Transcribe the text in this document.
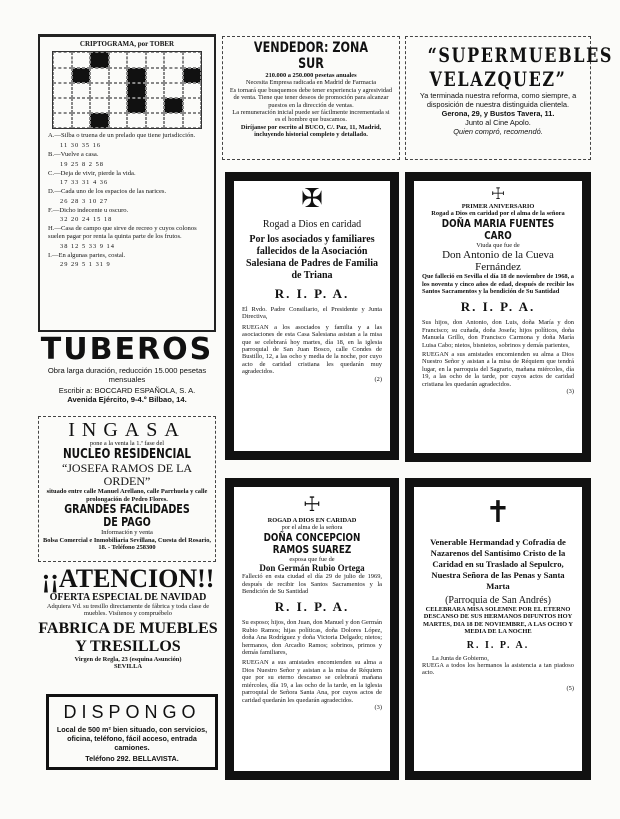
CRIPTOGRAMA, por TOBER
A.—Silba o truena de un prelado que tiene jurisdicción.
11 30 35 16
B.—Vuelve a casa.
19 25 8 2 58
C.—Deja de vivir, pierde la vida.
17 33 31 4 36
D.—Cada uno de los espacios de las narices.
26 28 3 10 27
F.—Dicho indecente u oscuro.
32 20 24 15 18
H.—Casa de campo que sirve de recreo y cuyos colonos suelen pagar por renta la quinta parte de los frutos.
38 12 5 33 9 14
I.—En algunas partes, costal.
29 29 5 1 31 9
TUBEROS
Obra larga duración, reducción 15.000 pesetas mensuales
Escribir a: BOCCARD ESPAÑOLA, S. A.
Avenida Ejército, 9-4.º Bilbao, 14.
INGASA
pone a la venta la 1.ª fase del
NUCLEO RESIDENCIAL
“JOSEFA RAMOS DE LA ORDEN”
situado entre calle Manuel Arellano, calle Parrhuela y calle prolongación de Pedro Flores.
GRANDES FACILIDADES DE PAGO
Información y venta
Bolsa Comercial e Inmobiliaria Sevillana, Cuesta del Rosario, 18. - Teléfono 258300
¡¡ATENCION!!
OFERTA ESPECIAL DE NAVIDAD
Adquiera Vd. su tresillo directamente de fábrica y toda clase de muebles. Visítenos y compruébelo
FABRICA DE MUEBLES
Y TRESILLOS
Virgen de Regla, 23 (esquina Asunción)
SEVILLA
DISPONGO
Local de 500 m² bien situado, con servicios, oficina, teléfono, fácil acceso, entrada camiones.
Teléfono 292. BELLAVISTA.
VENDEDOR: ZONA SUR
210.000 a 250.000 pesetas anuales
Necesita Empresa radicada en Madrid de Farmacia
Es tornará que busquemos debe tener experiencia y agresividad de venta. Tiene que tener deseos de promoción para alcanzar puestos en la dirección de ventas.
La remuneración inicial puede ser fácilmente incrementada si es el hombre que buscamos.
Diríjanse por escrito al BUCO, C/. Paz, 11, Madrid, incluyendo historial completo y detallado.
✠
Rogad a Dios en caridad
Por los asociados y familiares fallecidos de la Asociación Salesiana de Padres de Familia de Triana
R. I. P. A.
El Rvdo. Padre Consiliario, el Presidente y Junta Directiva,
RUEGAN a los asociados y familia y a las asociaciones de esta Casa Salesiana asistan a la misa que se celebrará hoy martes, día 18, en la iglesia parroquial de San Juan Bosco, calle Condes de Bustillo, 12, a las ocho y media de la noche, por cuyo acto de caridad cristiana les quedarán muy agradecidos.
(2)
☩
ROGAD A DIOS EN CARIDAD
por el alma de la señora
DOÑA CONCEPCION RAMOS SUAREZ
esposa que fue de
Don Germán Rubio Ortega
Falleció en esta ciudad el día 29 de julio de 1969, después de recibir los Santos Sacramentos y la Bendición de Su Santidad
R. I. P. A.
Su esposo; hijos, don Juan, don Manuel y don Germán Rubio Ramos; hijas políticas, doña Dolores López, doña Ana Rodríguez y doña Victoria Delgado; nietos; hermanos, don Arcadio Ramos; sobrinos, primos y demás familiares,
RUEGAN a sus amistades encomienden su alma a Dios Nuestro Señor y asistan a la misa de Réquiem que por su eterno descanso se celebrará mañana miércoles, día 19, a las ocho de la tarde, en la iglesia parroquial de Señora Santa Ana, por cuyos actos de caridad quedarán les quedarán agradecidos.
(3)
“SUPERMUEBLES
VELAZQUEZ”
Ya terminada nuestra reforma, como siempre, a disposición de nuestra distinguida clientela.
Gerona, 29, y Bustos Tavera, 11.
Junto al Cine Apolo.
Quien compró, recomendó.
☩
PRIMER ANIVERSARIO
Rogad a Dios en caridad por el alma de la señora
DOÑA MARIA FUENTES CARO
Viuda que fue de
Don Antonio de la Cueva Fernández
Que falleció en Sevilla el día 18 de noviembre de 1968, a los noventa y cinco años de edad, después de recibir los Santos Sacramentos y la bendición de Su Santidad
R. I. P. A.
Sus hijos, don Antonio, don Luis, doña María y don Francisco; su cuñada, doña Josefa; hijos políticos, doña Manuela Grillo, don Francisco Carmona y doña María Luisa Cabo; nietos, bisnietos, sobrinos y demás parientes,
RUEGAN a sus amistades encomienden su alma a Dios Nuestro Señor y asistan a la misa de Réquiem que tendrá lugar, en la parroquia del Sagrario, mañana miércoles, día 19, a las ocho de la tarde, por cuyos actos de caridad cristiana les quedarán agradecidos.
(3)
✝
Venerable Hermandad y Cofradía de Nazarenos del Santísimo Cristo de la Caridad en su Traslado al Sepulcro, Nuestra Señora de las Penas y Santa Marta
(Parroquia de San Andrés)
CELEBRARA MISA SOLEMNE POR EL ETERNO DESCANSO DE SUS HERMANOS DIFUNTOS HOY MARTES, DIA 18 DE NOVIEMBRE, A LAS OCHO Y MEDIA DE LA NOCHE
R. I. P. A.
La Junta de Gobierno,
RUEGA a todos los hermanos la asistencia a tan piadoso acto.
(5)
